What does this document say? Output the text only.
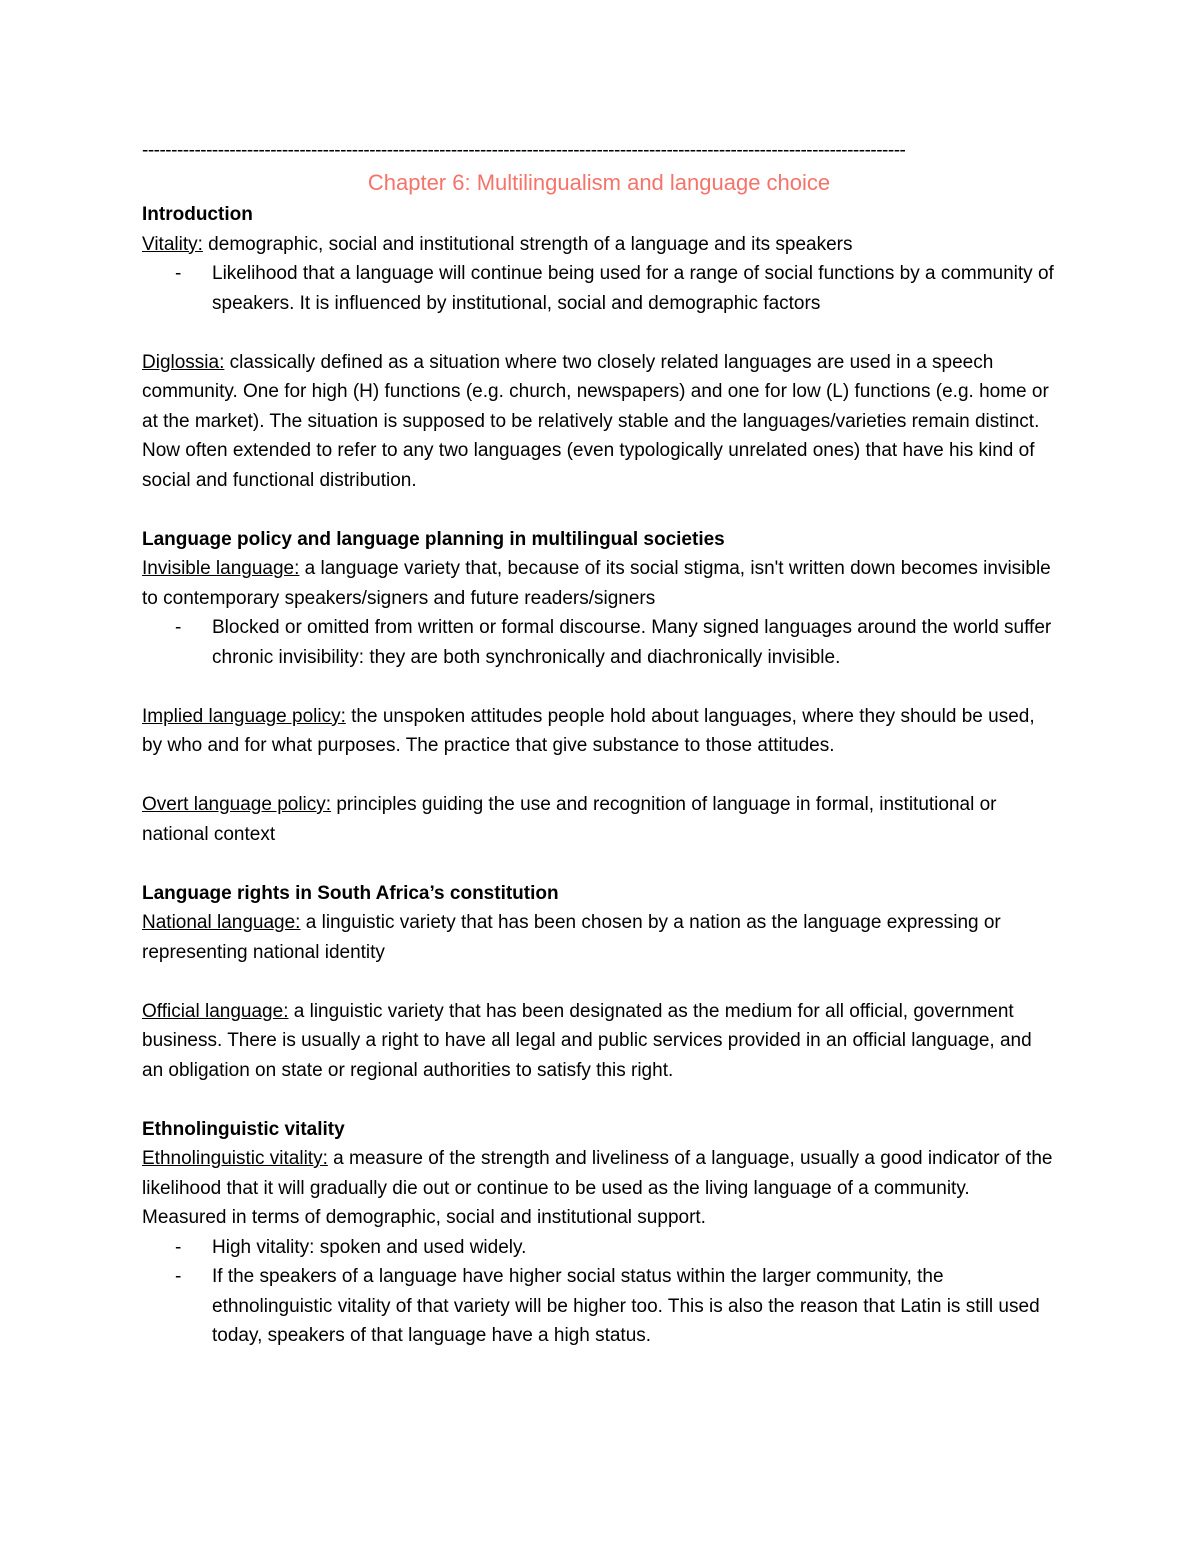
-----------------------------------------------------------------------------------------------------------------------------------
Chapter 6: Multilingualism and language choice
Introduction
Vitality: demographic, social and institutional strength of a language and its speakers
- Likelihood that a language will continue being used for a range of social functions by a community of speakers. It is influenced by institutional, social and demographic factors
Diglossia: classically defined as a situation where two closely related languages are used in a speech community. One for high (H) functions (e.g. church, newspapers) and one for low (L) functions (e.g. home or at the market). The situation is supposed to be relatively stable and the languages/varieties remain distinct. Now often extended to refer to any two languages (even typologically unrelated ones) that have his kind of social and functional distribution.
Language policy and language planning in multilingual societies
Invisible language: a language variety that, because of its social stigma, isn't written down becomes invisible to contemporary speakers/signers and future readers/signers
- Blocked or omitted from written or formal discourse. Many signed languages around the world suffer chronic invisibility: they are both synchronically and diachronically invisible.
Implied language policy: the unspoken attitudes people hold about languages, where they should be used, by who and for what purposes. The practice that give substance to those attitudes.
Overt language policy: principles guiding the use and recognition of language in formal, institutional or national context
Language rights in South Africa’s constitution
National language: a linguistic variety that has been chosen by a nation as the language expressing or representing national identity
Official language: a linguistic variety that has been designated as the medium for all official, government business. There is usually a right to have all legal and public services provided in an official language, and an obligation on state or regional authorities to satisfy this right.
Ethnolinguistic vitality
Ethnolinguistic vitality: a measure of the strength and liveliness of a language, usually a good indicator of the likelihood that it will gradually die out or continue to be used as the living language of a community. Measured in terms of demographic, social and institutional support.
- High vitality: spoken and used widely.
- If the speakers of a language have higher social status within the larger community, the ethnolinguistic vitality of that variety will be higher too. This is also the reason that Latin is still used today, speakers of that language have a high status.
